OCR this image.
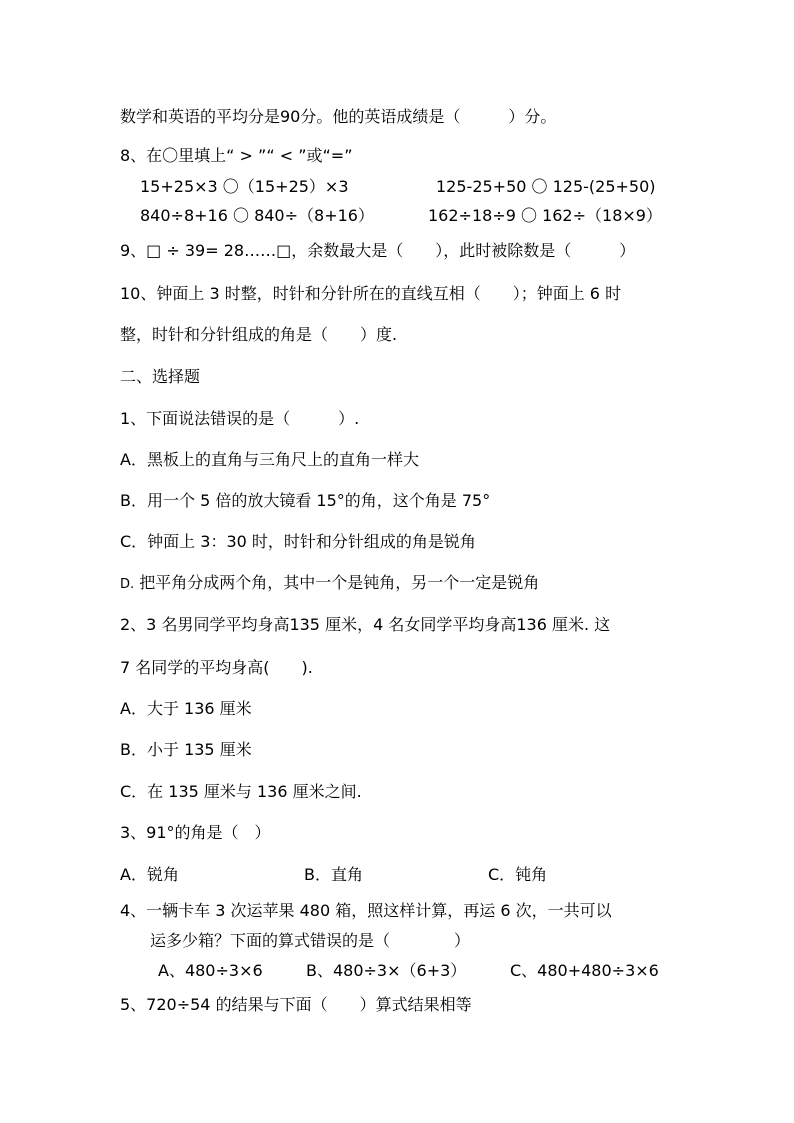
数学和英语的平均分是90分。他的英语成绩是（　　　）分。
8、在〇里填上“ > ”“ < ”或“=”
15+25×3 〇（15+25）×3	125-25+50 〇 125-(25+50)
840÷8+16 〇 840÷（8+16）	162÷18÷9 〇 162÷（18×9）
9、□ ÷ 39= 28……□，余数最大是（　　），此时被除数是（　　　）
10、钟面上 3 时整，时针和分针所在的直线互相（　　）；钟面上 6 时
整，时针和分针组成的角是（　　）度.
二、选择题
1、下面说法错误的是（　　　）.
A．黑板上的直角与三角尺上的直角一样大
B．用一个 5 倍的放大镜看 15°的角，这个角是 75°
C．钟面上 3：30 时，时针和分针组成的角是锐角
D. 把平角分成两个角，其中一个是钝角，另一个一定是锐角
2、3 名男同学平均身高135 厘米，4 名女同学平均身高136 厘米. 这
7 名同学的平均身高(　　).
A．大于 136 厘米
B．小于 135 厘米
C．在 135 厘米与 136 厘米之间.
3、91°的角是（　）
A．锐角	B．直角	C．钝角
4、一辆卡车 3 次运苹果 480 箱，照这样计算，再运 6 次，一共可以
运多少箱？下面的算式错误的是（　　　　）
A、480÷3×6	B、480÷3×（6+3）	C、480+480÷3×6
5、720÷54 的结果与下面（　　）算式结果相等
